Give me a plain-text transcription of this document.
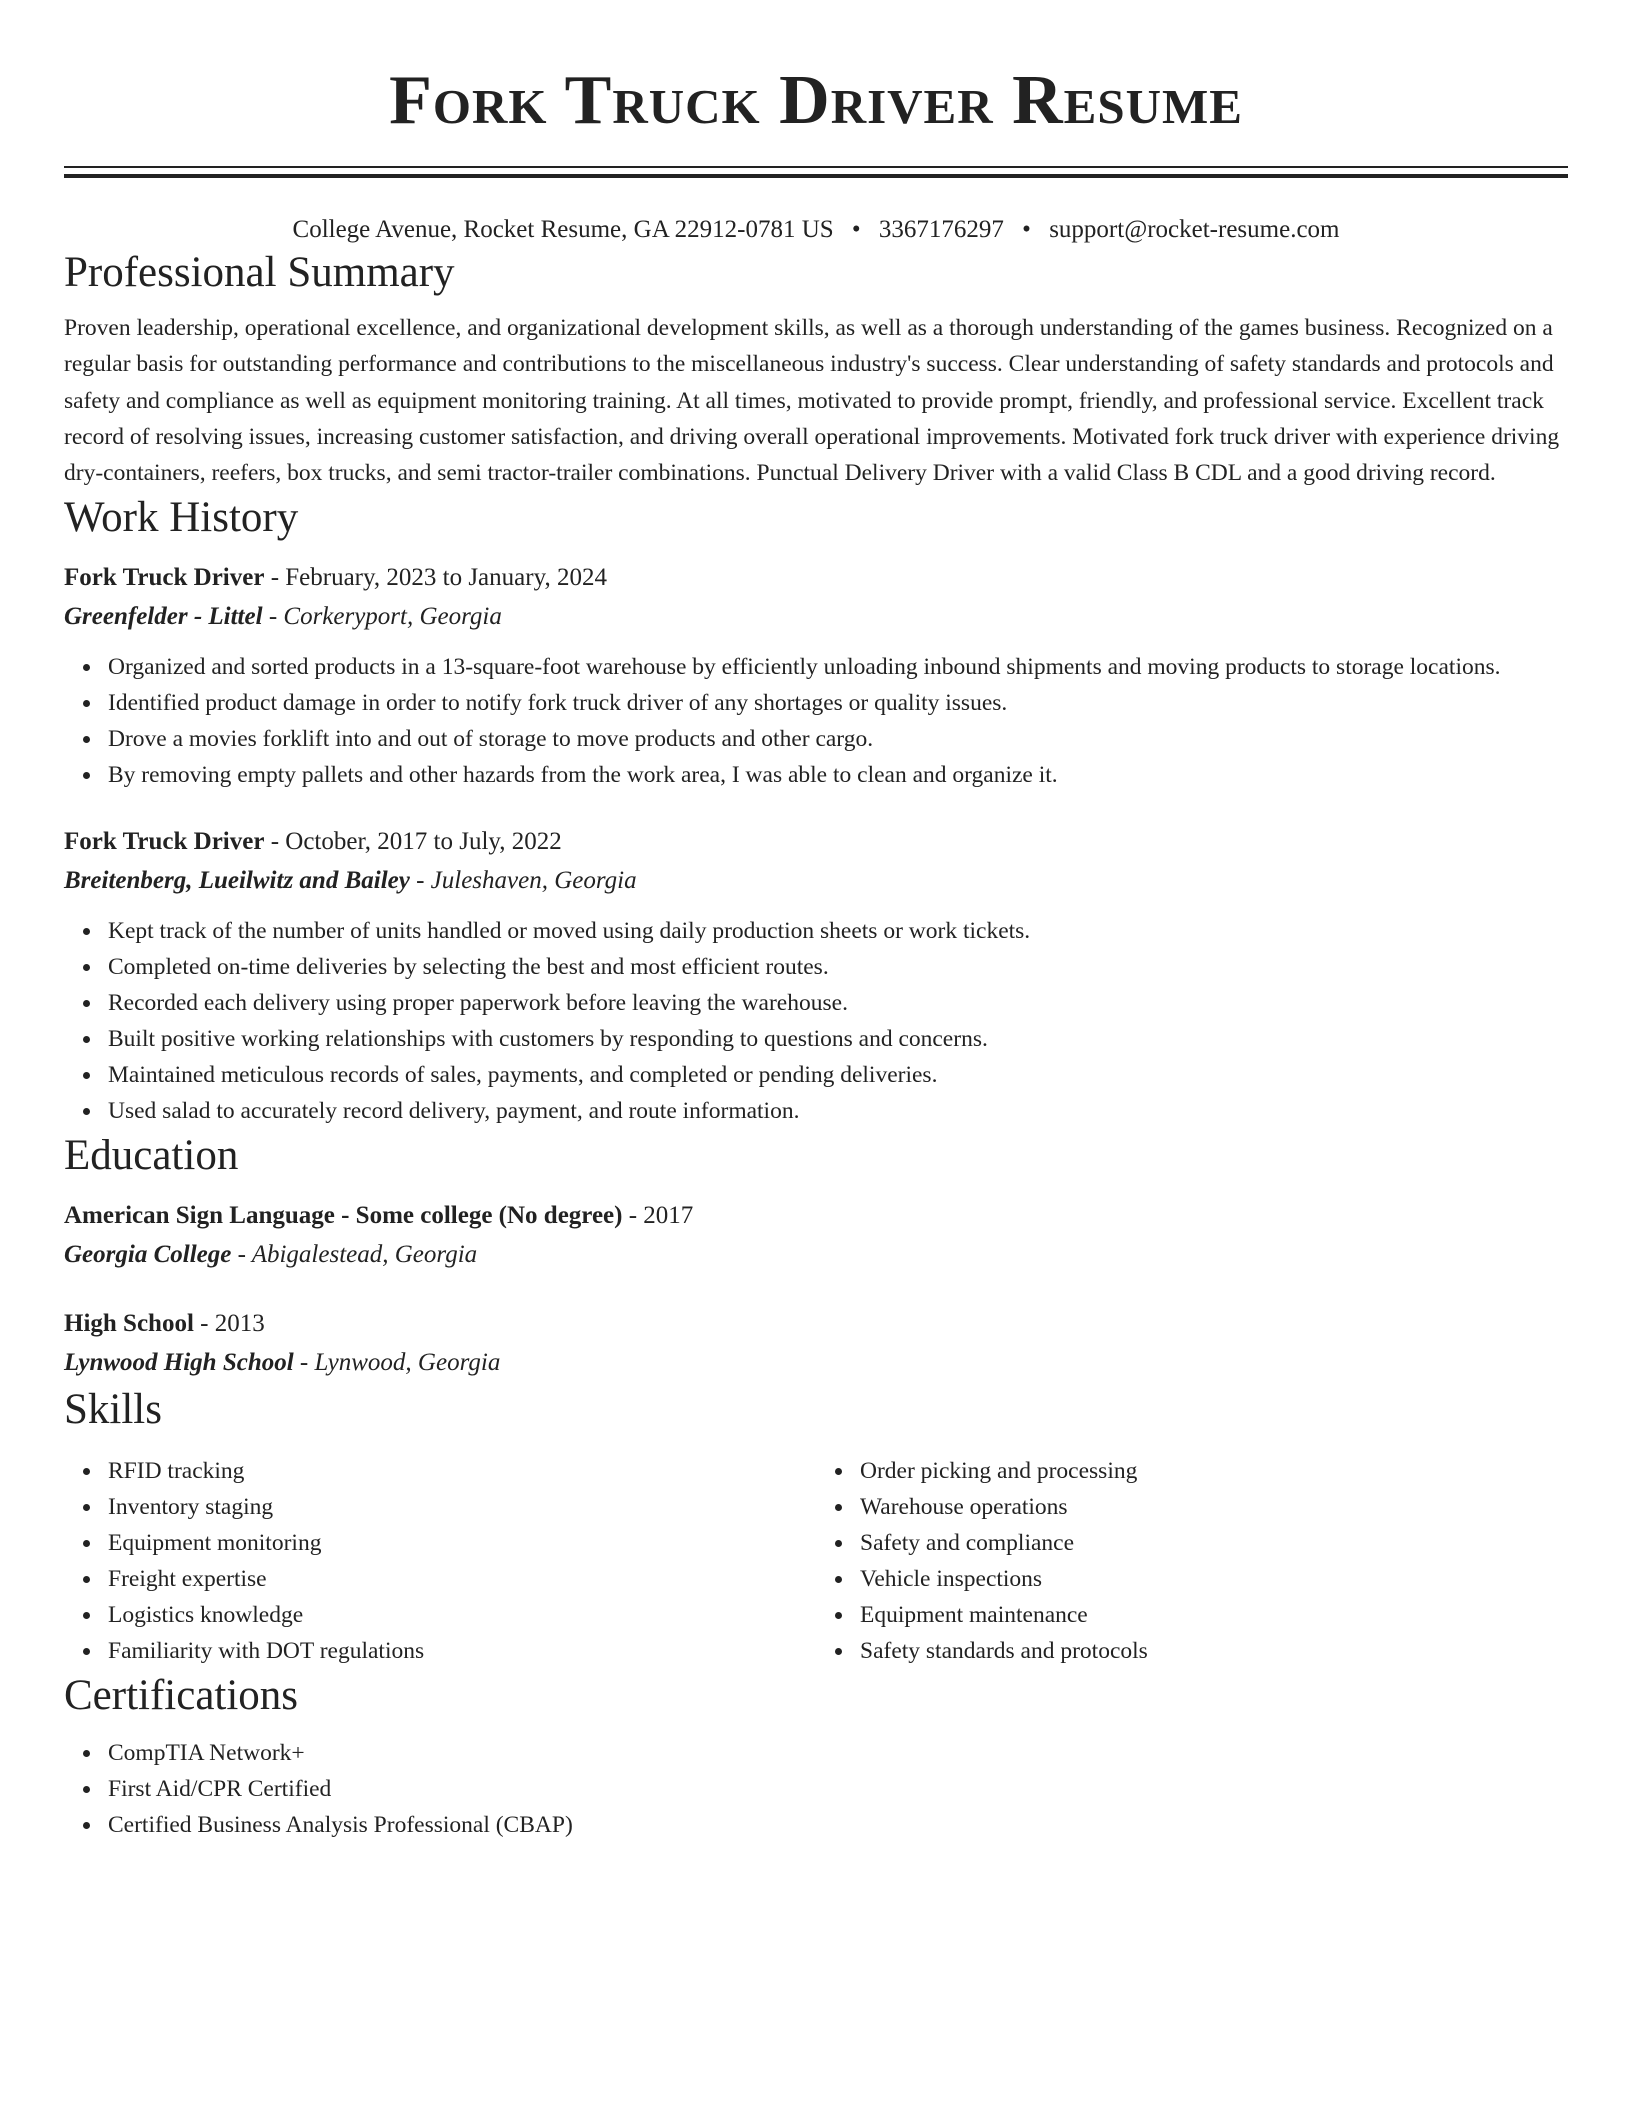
Fork Truck Driver Resume
College Avenue, Rocket Resume, GA 22912-0781 US • 3367176297 • support@rocket-resume.com
Professional Summary

Proven leadership, operational excellence, and organizational development skills, as well as a thorough understanding of the games business. Recognized on a regular basis for outstanding performance and contributions to the miscellaneous industry's success. Clear understanding of safety standards and protocols and safety and compliance as well as equipment monitoring training. At all times, motivated to provide prompt, friendly, and professional service. Excellent track record of resolving issues, increasing customer satisfaction, and driving overall operational improvements. Motivated fork truck driver with experience driving dry-containers, reefers, box trucks, and semi tractor-trailer combinations. Punctual Delivery Driver with a valid Class B CDL and a good driving record.

Work History
Fork Truck Driver - February, 2023 to January, 2024
Greenfelder - Littel - Corkeryport, Georgia
Organized and sorted products in a 13-square-foot warehouse by efficiently unloading inbound shipments and moving products to storage locations.
Identified product damage in order to notify fork truck driver of any shortages or quality issues.
Drove a movies forklift into and out of storage to move products and other cargo.
By removing empty pallets and other hazards from the work area, I was able to clean and organize it.
Fork Truck Driver - October, 2017 to July, 2022
Breitenberg, Lueilwitz and Bailey - Juleshaven, Georgia
Kept track of the number of units handled or moved using daily production sheets or work tickets.
Completed on-time deliveries by selecting the best and most efficient routes.
Recorded each delivery using proper paperwork before leaving the warehouse.
Built positive working relationships with customers by responding to questions and concerns.
Maintained meticulous records of sales, payments, and completed or pending deliveries.
Used salad to accurately record delivery, payment, and route information.
Education
American Sign Language - Some college (No degree) - 2017
Georgia College - Abigalestead, Georgia
High School - 2013
Lynwood High School - Lynwood, Georgia
Skills
RFID tracking
Inventory staging
Equipment monitoring
Freight expertise
Logistics knowledge
Familiarity with DOT regulations
Order picking and processing
Warehouse operations
Safety and compliance
Vehicle inspections
Equipment maintenance
Safety standards and protocols
Certifications
CompTIA Network+
First Aid/CPR Certified
Certified Business Analysis Professional (CBAP)
